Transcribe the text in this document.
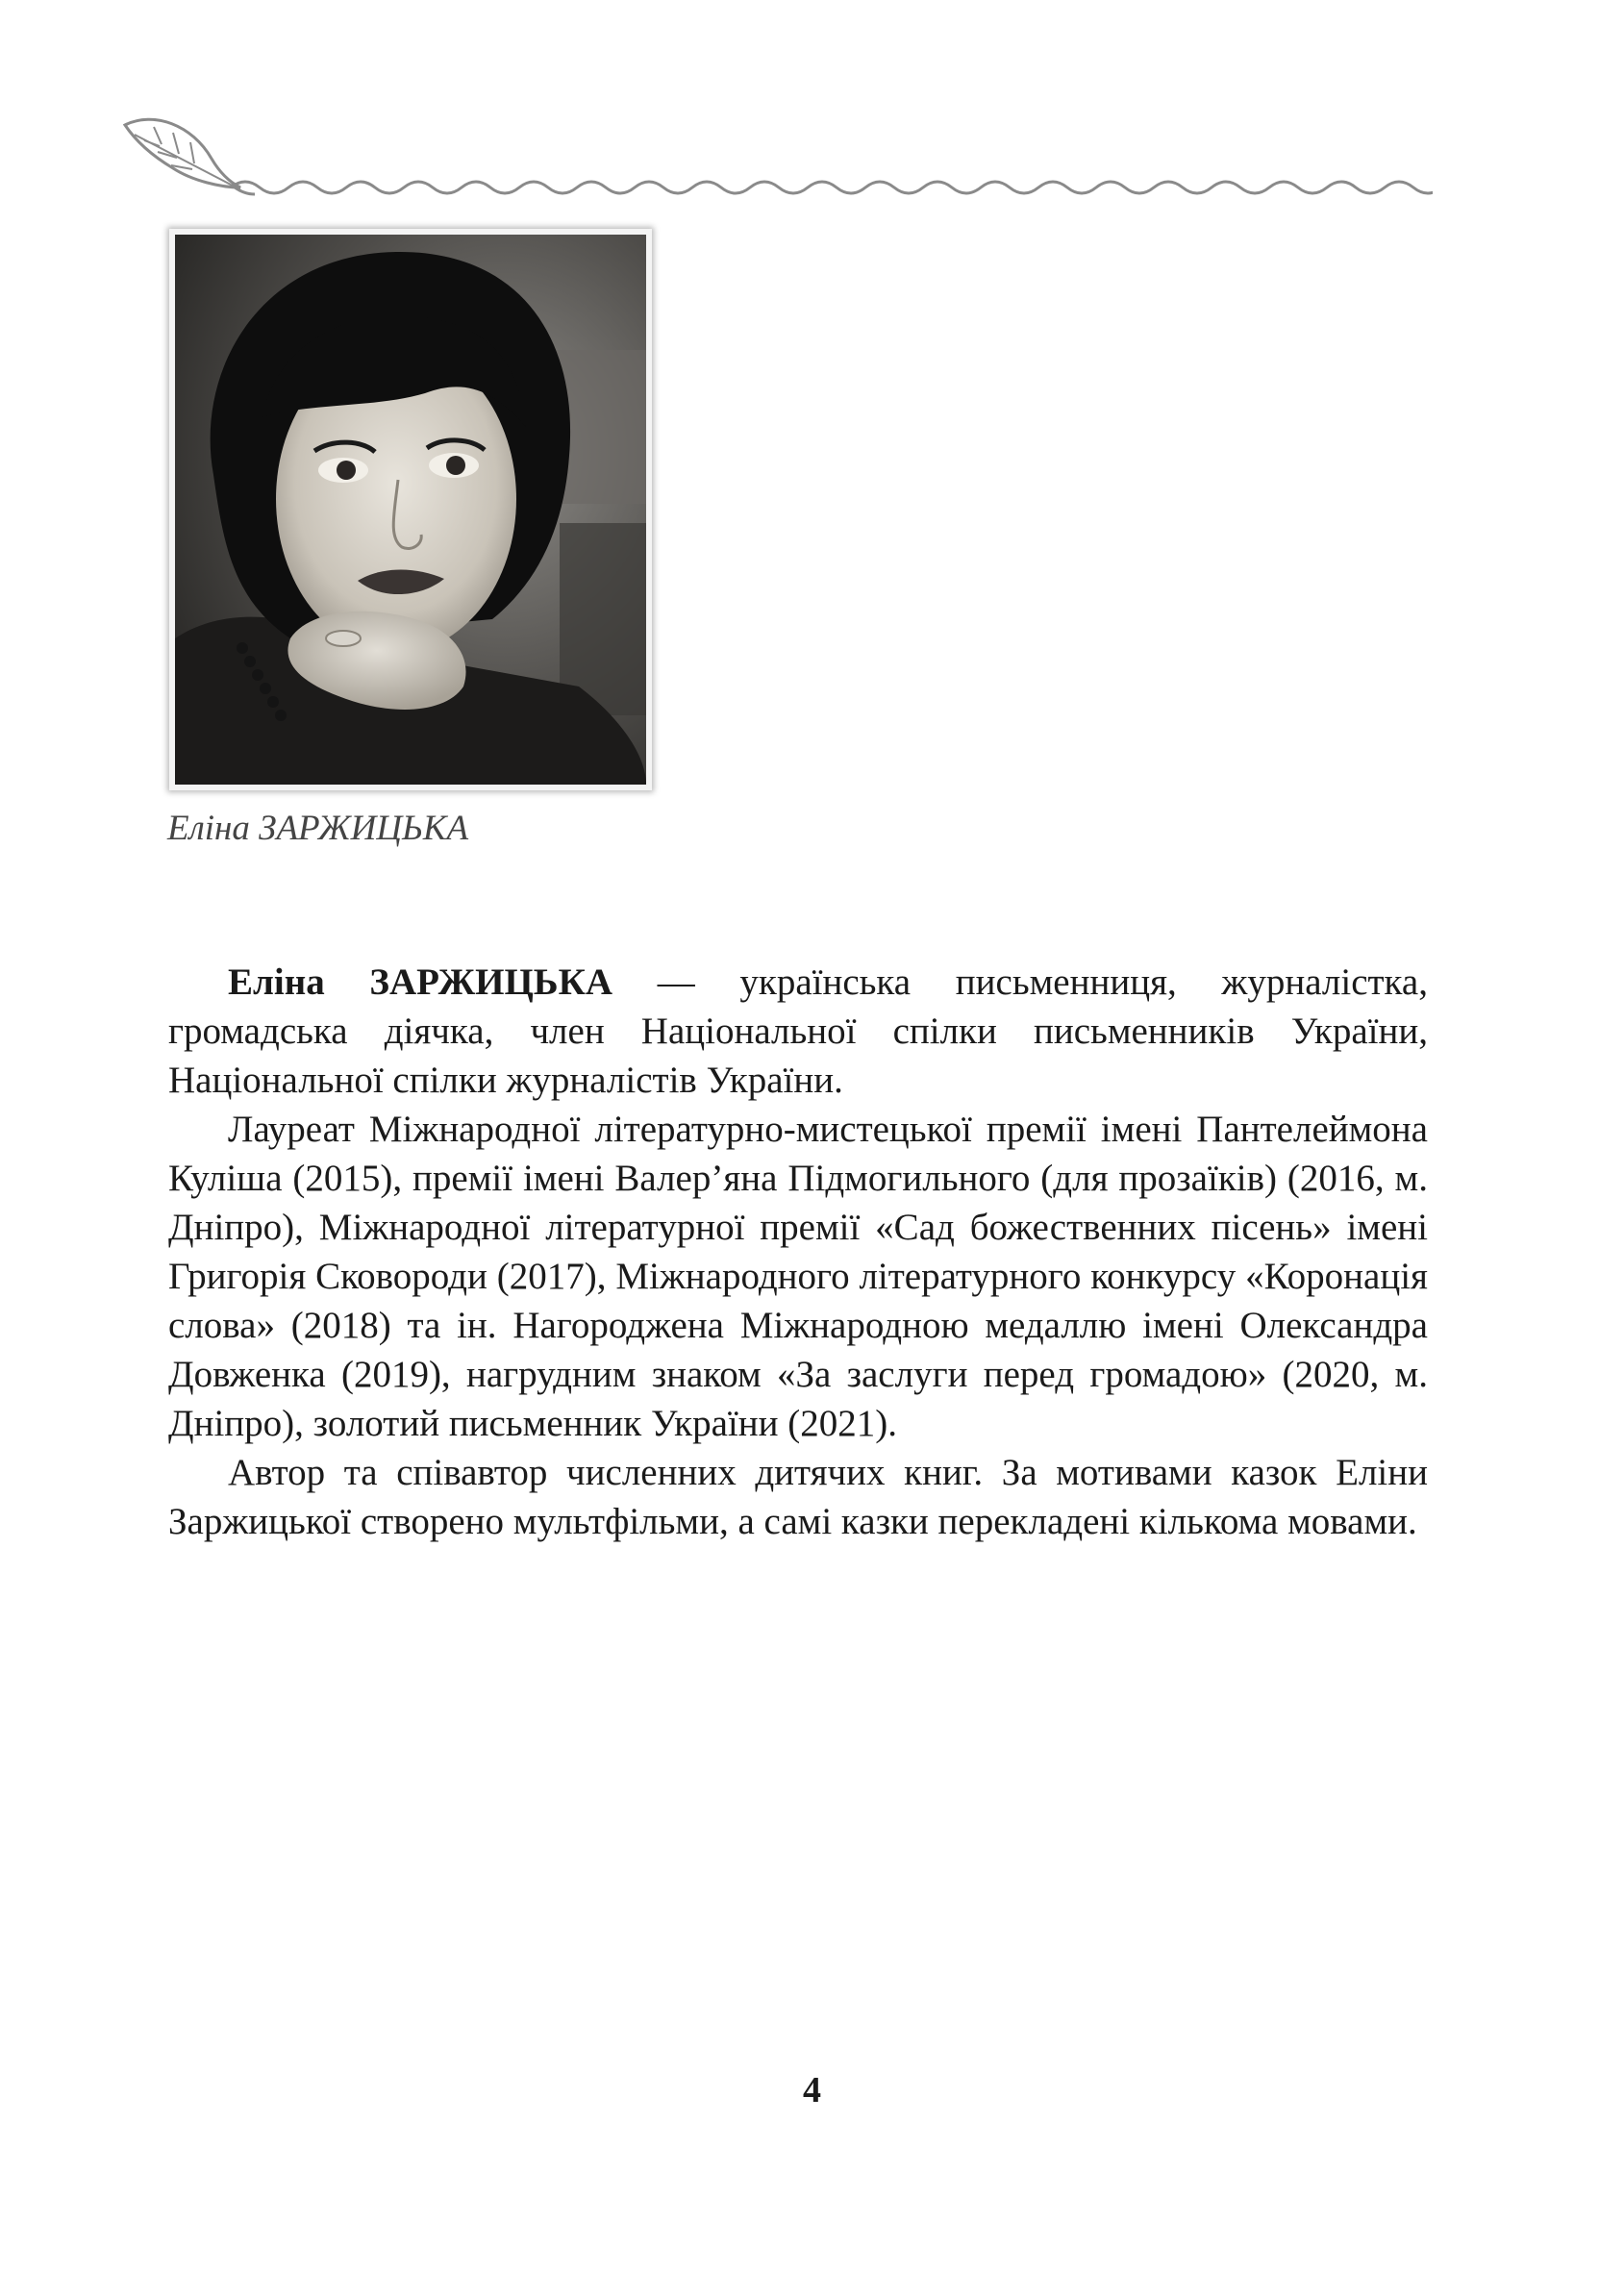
Еліна ЗАРЖИЦЬКА

Еліна ЗАРЖИЦЬКА — українська письменниця, журналістка, громадська діячка, член Національної спілки письменників України, Національної спілки журналістів України.

Лауреат Міжнародної літературно-мистецької премії імені Пантелеймона Куліша (2015), премії імені Валер’яна Підмогильного (для прозаїків) (2016, м. Дніпро), Міжнародної літературної премії «Сад божественних пісень» імені Григорія Сковороди (2017), Міжнародного літературного конкурсу «Коронація слова» (2018) та ін. Нагороджена Міжнародною медаллю імені Олександра Довженка (2019), нагрудним знаком «За заслуги перед громадою» (2020, м. Дніпро), золотий письменник України (2021).

Автор та співавтор численних дитячих книг. За мотивами казок Еліни Заржицької створено мультфільми, а самі казки перекладені кількома мовами.

4
